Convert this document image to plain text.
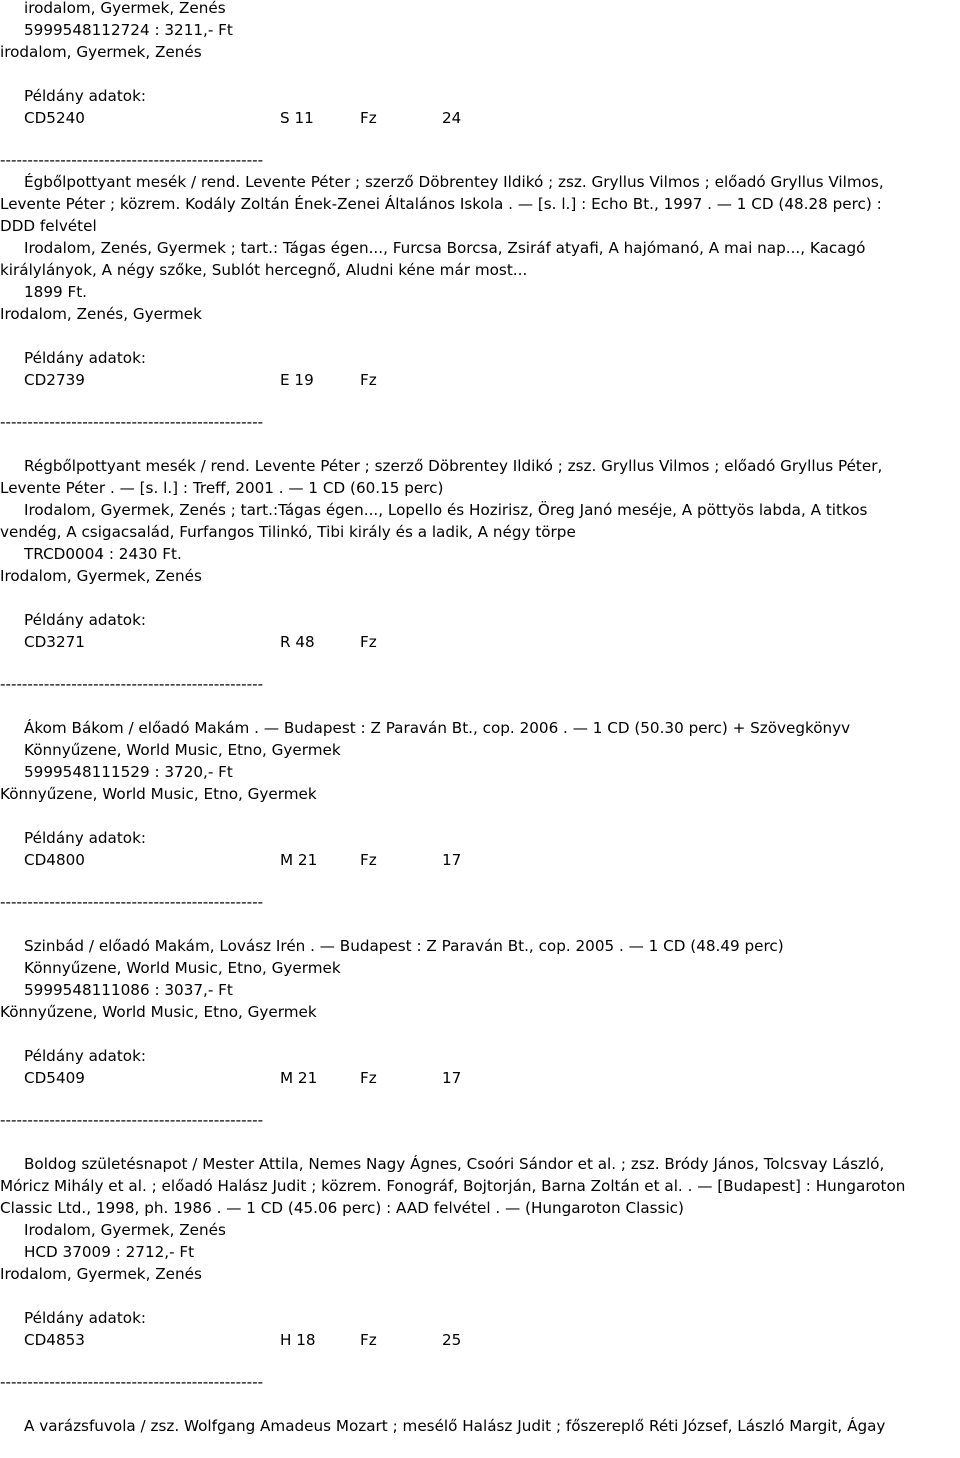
irodalom, Gyermek, Zenés
5999548112724 : 3211,- Ft
irodalom, Gyermek, Zenés
Példány adatok:
CD5240	S 11	Fz	24
------------------------------------------------
Égbőlpottyant mesék / rend. Levente Péter ; szerző Döbrentey Ildikó ; zsz. Gryllus Vilmos ; előadó Gryllus Vilmos,
Levente Péter ; közrem. Kodály Zoltán Ének-Zenei Általános Iskola . — [s. l.] : Echo Bt., 1997 . — 1 CD (48.28 perc) :
DDD felvétel
Irodalom, Zenés, Gyermek ; tart.: Tágas égen..., Furcsa Borcsa, Zsiráf atyafi, A hajómanó, A mai nap..., Kacagó
királylányok, A négy szőke, Sublót hercegnő, Aludni kéne már most...
1899 Ft.
Irodalom, Zenés, Gyermek
Példány adatok:
CD2739	E 19	Fz
------------------------------------------------
Régbőlpottyant mesék / rend. Levente Péter ; szerző Döbrentey Ildikó ; zsz. Gryllus Vilmos ; előadó Gryllus Péter,
Levente Péter . — [s. l.] : Treff, 2001 . — 1 CD (60.15 perc)
Irodalom, Gyermek, Zenés ; tart.:Tágas égen..., Lopello és Hozirisz, Öreg Janó meséje, A pöttyös labda, A titkos
vendég, A csigacsalád, Furfangos Tilinkó, Tibi király és a ladik, A négy törpe
TRCD0004 : 2430 Ft.
Irodalom, Gyermek, Zenés
Példány adatok:
CD3271	R 48	Fz
------------------------------------------------
Ákom Bákom / előadó Makám . — Budapest : Z Paraván Bt., cop. 2006 . — 1 CD (50.30 perc) + Szövegkönyv
Könnyűzene, World Music, Etno, Gyermek
5999548111529 : 3720,- Ft
Könnyűzene, World Music, Etno, Gyermek
Példány adatok:
CD4800	M 21	Fz	17
------------------------------------------------
Szinbád / előadó Makám, Lovász Irén . — Budapest : Z Paraván Bt., cop. 2005 . — 1 CD (48.49 perc)
Könnyűzene, World Music, Etno, Gyermek
5999548111086 : 3037,- Ft
Könnyűzene, World Music, Etno, Gyermek
Példány adatok:
CD5409	M 21	Fz	17
------------------------------------------------
Boldog születésnapot / Mester Attila, Nemes Nagy Ágnes, Csoóri Sándor et al. ; zsz. Bródy János, Tolcsvay László,
Móricz Mihály et al. ; előadó Halász Judit ; közrem. Fonográf, Bojtorján, Barna Zoltán et al. . — [Budapest] : Hungaroton
Classic Ltd., 1998, ph. 1986 . — 1 CD (45.06 perc) : AAD felvétel . — (Hungaroton Classic)
Irodalom, Gyermek, Zenés
HCD 37009 : 2712,- Ft
Irodalom, Gyermek, Zenés
Példány adatok:
CD4853	H 18	Fz	25
------------------------------------------------
A varázsfuvola / zsz. Wolfgang Amadeus Mozart ; mesélő Halász Judit ; főszereplő Réti József, László Margit, Ágay
